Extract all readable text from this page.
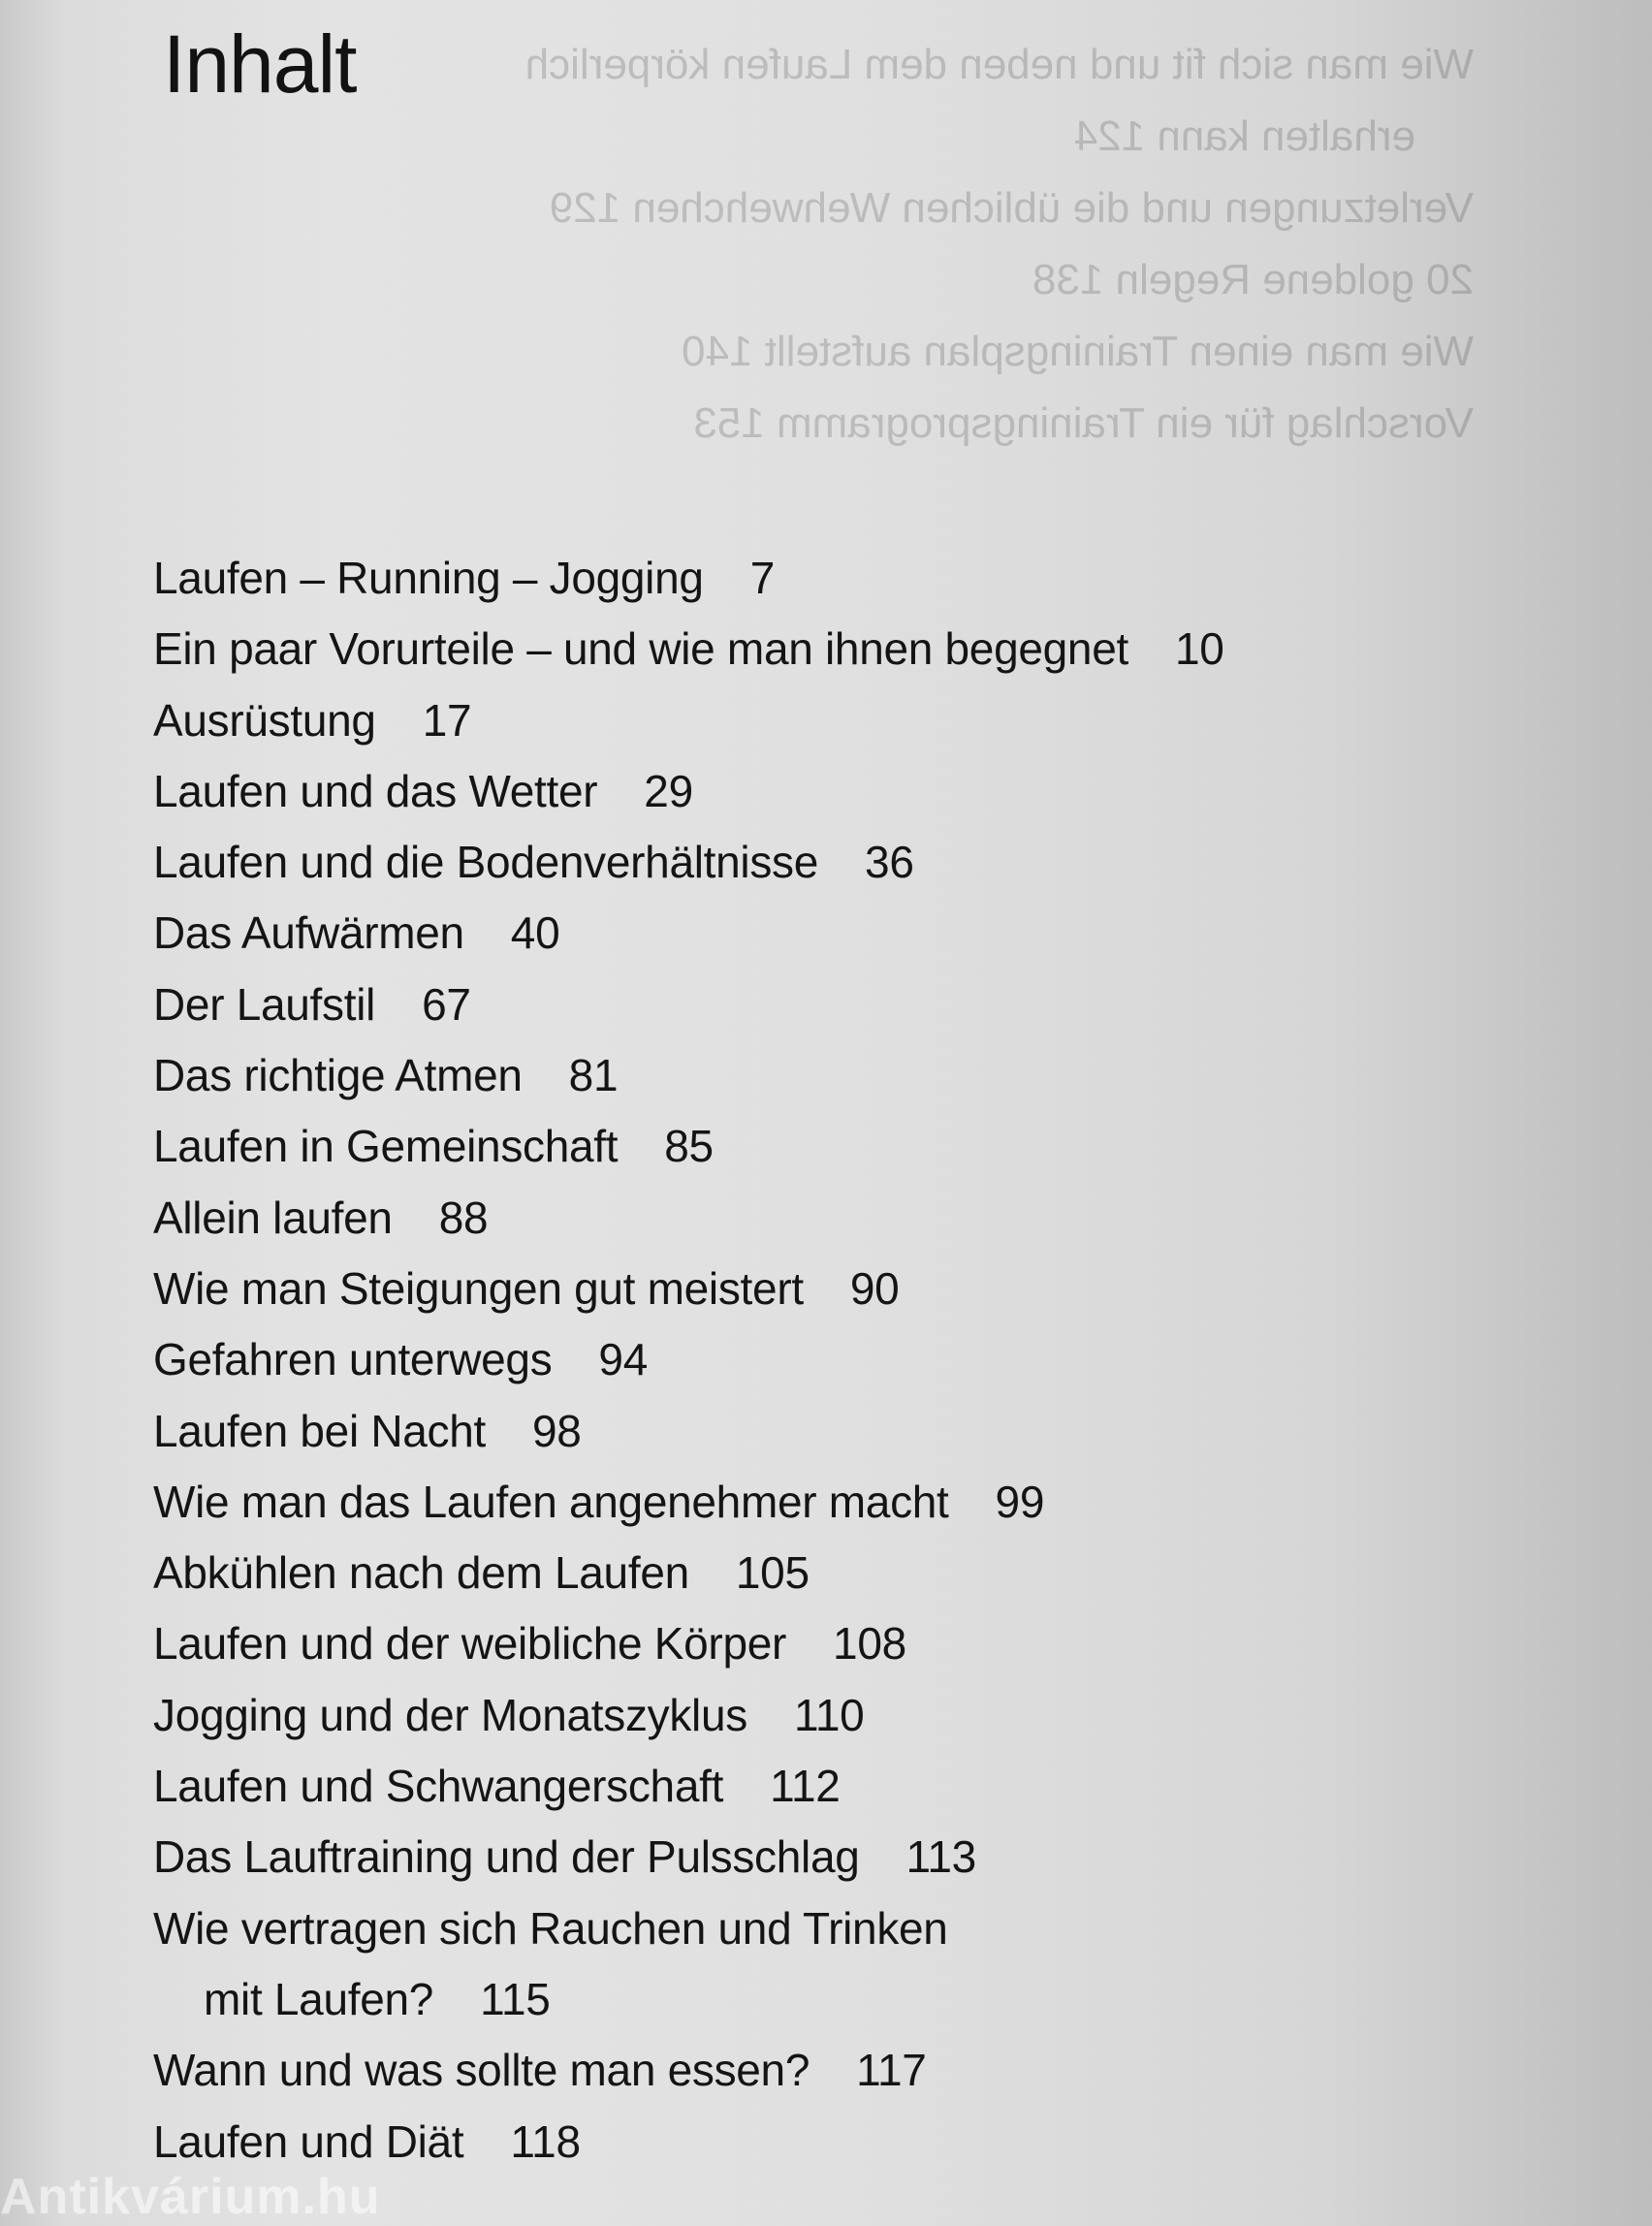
Wie man sich fit und neben dem Laufen körperlich
erhalten kann 124
Verletzungen und die üblichen Wehwehchen 129
20 goldene Regeln 138
Wie man einen Trainingsplan aufstellt 140
Vorschlag für ein Trainingsprogramm 153
Inhalt
Laufen – Running – Jogging 7
Ein paar Vorurteile – und wie man ihnen begegnet 10
Ausrüstung 17
Laufen und das Wetter 29
Laufen und die Bodenverhältnisse 36
Das Aufwärmen 40
Der Laufstil 67
Das richtige Atmen 81
Laufen in Gemeinschaft 85
Allein laufen 88
Wie man Steigungen gut meistert 90
Gefahren unterwegs 94
Laufen bei Nacht 98
Wie man das Laufen angenehmer macht 99
Abkühlen nach dem Laufen 105
Laufen und der weibliche Körper 108
Jogging und der Monatszyklus 110
Laufen und Schwangerschaft 112
Das Lauftraining und der Pulsschlag 113
Wie vertragen sich Rauchen und Trinken
mit Laufen? 115
Wann und was sollte man essen? 117
Laufen und Diät 118
Antikvárium.hu
